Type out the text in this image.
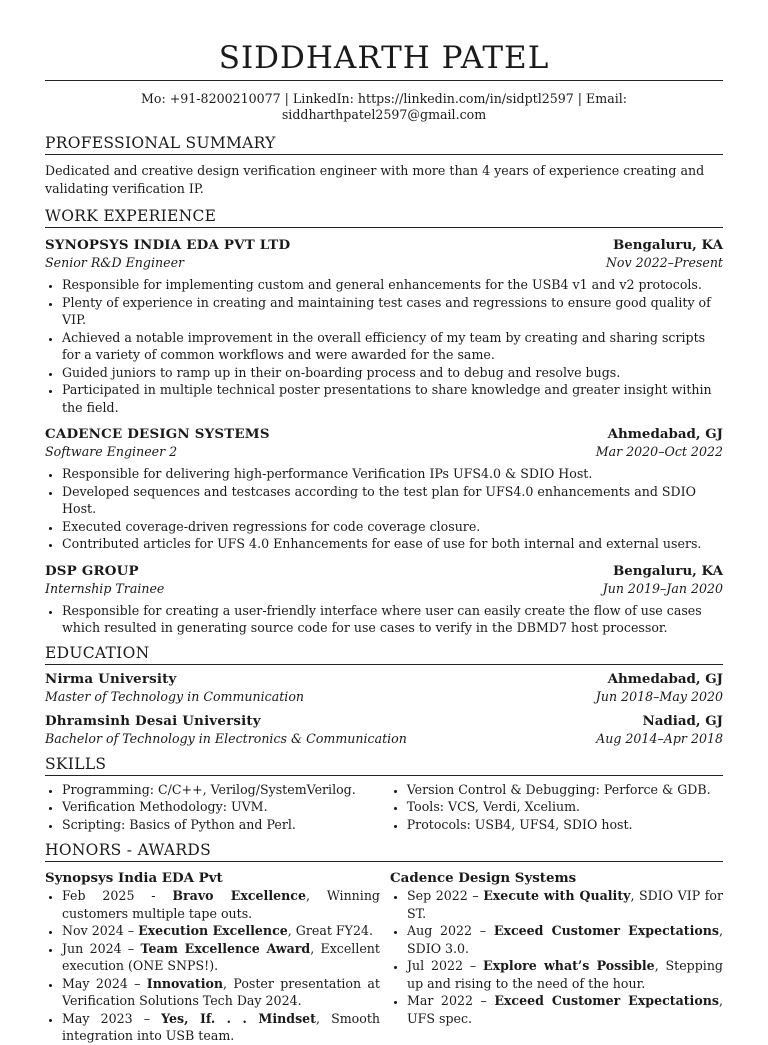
SIDDHARTH PATEL
Mo: +91-8200210077 | LinkedIn: https://linkedin.com/in/sidptl2597 | Email: siddharthpatel2597@gmail.com
PROFESSIONAL SUMMARY
Dedicated and creative design verification engineer with more than 4 years of experience creating and validating verification IP.
WORK EXPERIENCE
SYNOPSYS INDIA EDA PVT LTD	Bengaluru, KA
Senior R&D Engineer	Nov 2022–Present
• Responsible for implementing custom and general enhancements for the USB4 v1 and v2 protocols.
• Plenty of experience in creating and maintaining test cases and regressions to ensure good quality of VIP.
• Achieved a notable improvement in the overall efficiency of my team by creating and sharing scripts for a variety of common workflows and were awarded for the same.
• Guided juniors to ramp up in their on-boarding process and to debug and resolve bugs.
• Participated in multiple technical poster presentations to share knowledge and greater insight within the field.
CADENCE DESIGN SYSTEMS	Ahmedabad, GJ
Software Engineer 2	Mar 2020–Oct 2022
• Responsible for delivering high-performance Verification IPs UFS4.0 & SDIO Host.
• Developed sequences and testcases according to the test plan for UFS4.0 enhancements and SDIO Host.
• Executed coverage-driven regressions for code coverage closure.
• Contributed articles for UFS 4.0 Enhancements for ease of use for both internal and external users.
DSP GROUP	Bengaluru, KA
Internship Trainee	Jun 2019–Jan 2020
• Responsible for creating a user-friendly interface where user can easily create the flow of use cases which resulted in generating source code for use cases to verify in the DBMD7 host processor.
EDUCATION
Nirma University	Ahmedabad, GJ
Master of Technology in Communication	Jun 2018–May 2020
Dhramsinh Desai University	Nadiad, GJ
Bachelor of Technology in Electronics & Communication	Aug 2014–Apr 2018
SKILLS
• Programming: C/C++, Verilog/SystemVerilog.
• Verification Methodology: UVM.
• Scripting: Basics of Python and Perl.
• Version Control & Debugging: Perforce & GDB.
• Tools: VCS, Verdi, Xcelium.
• Protocols: USB4, UFS4, SDIO host.
HONORS - AWARDS
Synopsys India EDA Pvt
• Feb 2025 - Bravo Excellence, Winning customers multiple tape outs.
• Nov 2024 – Execution Excellence, Great FY24.
• Jun 2024 – Team Excellence Award, Excellent execution (ONE SNPS!).
• May 2024 – Innovation, Poster presentation at Verification Solutions Tech Day 2024.
• May 2023 – Yes, If. . . Mindset, Smooth integration into USB team.
Cadence Design Systems
• Sep 2022 – Execute with Quality, SDIO VIP for ST.
• Aug 2022 – Exceed Customer Expectations, SDIO 3.0.
• Jul 2022 – Explore what’s Possible, Stepping up and rising to the need of the hour.
• Mar 2022 – Exceed Customer Expectations, UFS spec.
